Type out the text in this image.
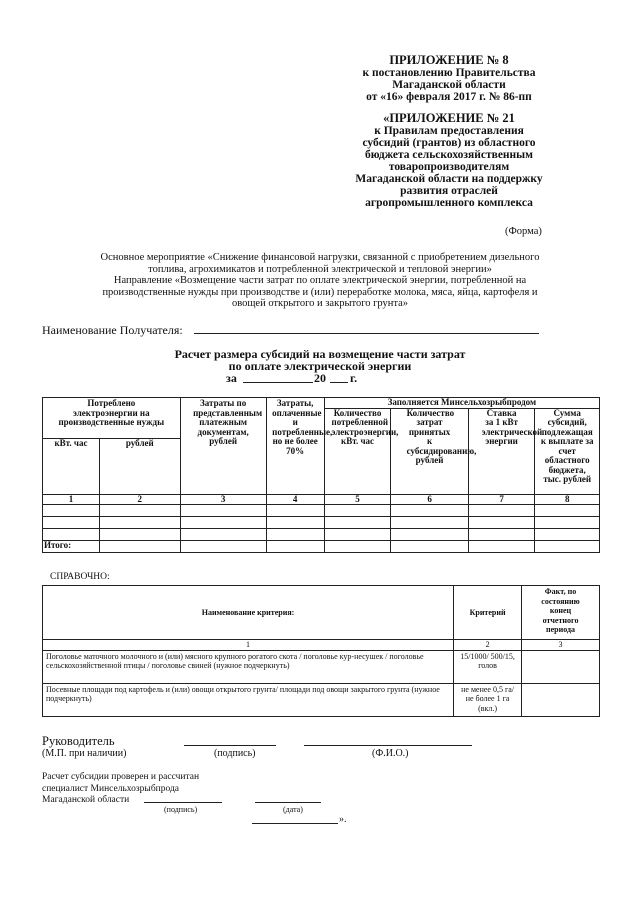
ПРИЛОЖЕНИЕ № 8
к постановлению Правительства
Магаданской области
от «16» февраля 2017 г. № 86-пп
«ПРИЛОЖЕНИЕ № 21
к Правилам предоставления
субсидий (грантов) из областного
бюджета сельскохозяйственным
товаропроизводителям
Магаданской области на поддержку
развития отраслей
агропромышленного комплекса
(Форма)
Основное мероприятие «Снижение финансовой нагрузки, связанной с приобретением дизельного
топлива, агрохимикатов и потребленной электрической и тепловой энергии»
Направление «Возмещение части затрат по оплате электрической энергии, потребленной на
производственные нужды при производстве и (или) переработке молока, мяса, яйца, картофеля и
овощей открытого и закрытого грунта»
Наименование Получателя:
Расчет размера субсидий на возмещение части затрат
по оплате электрической энергии
за	20 г.
Потреблено электроэнергии на производственные нужды		Затраты по представленным платежным документам, рублей	Затраты, оплаченные и потребленные, но не более 70%	Заполняется Минсельхозрыбпродом			

				Количество потребленной электроэнергии, кВт. час	Количество затрат принятых к субсидированию, рублей	Ставка за 1 кВт электрической энергии	Сумма субсидий, подлежащая к выплате за счет областного бюджета, тыс. рублей

кВт. час	рублей						
1	2	3	4	5	6	7	8

Итого:							
СПРАВОЧНО:
Наименование критерия:	Критерий	Факт, по состоянию конец отчетного периода

1	2	3
Поголовье маточного молочного и (или) мясного крупного рогатого скота / поголовье кур-несушек / поголовье сельскохозяйственной птицы / поголовье свиней (нужное подчеркнуть)	15/1000/ 500/15, голов	
Посевные площади под картофель и (или) овощи открытого грунта/ площади под овощи закрытого грунта (нужное подчеркнуть)	не менее 0,5 га/ не более 1 га (вкл.)	
Руководитель
(М.П. при наличии)	(подпись)	(Ф.И.О.)
Расчет субсидии проверен и рассчитан
специалист Минсельхозрыбпрода
Магаданской области
(подпись)	(дата)
».
